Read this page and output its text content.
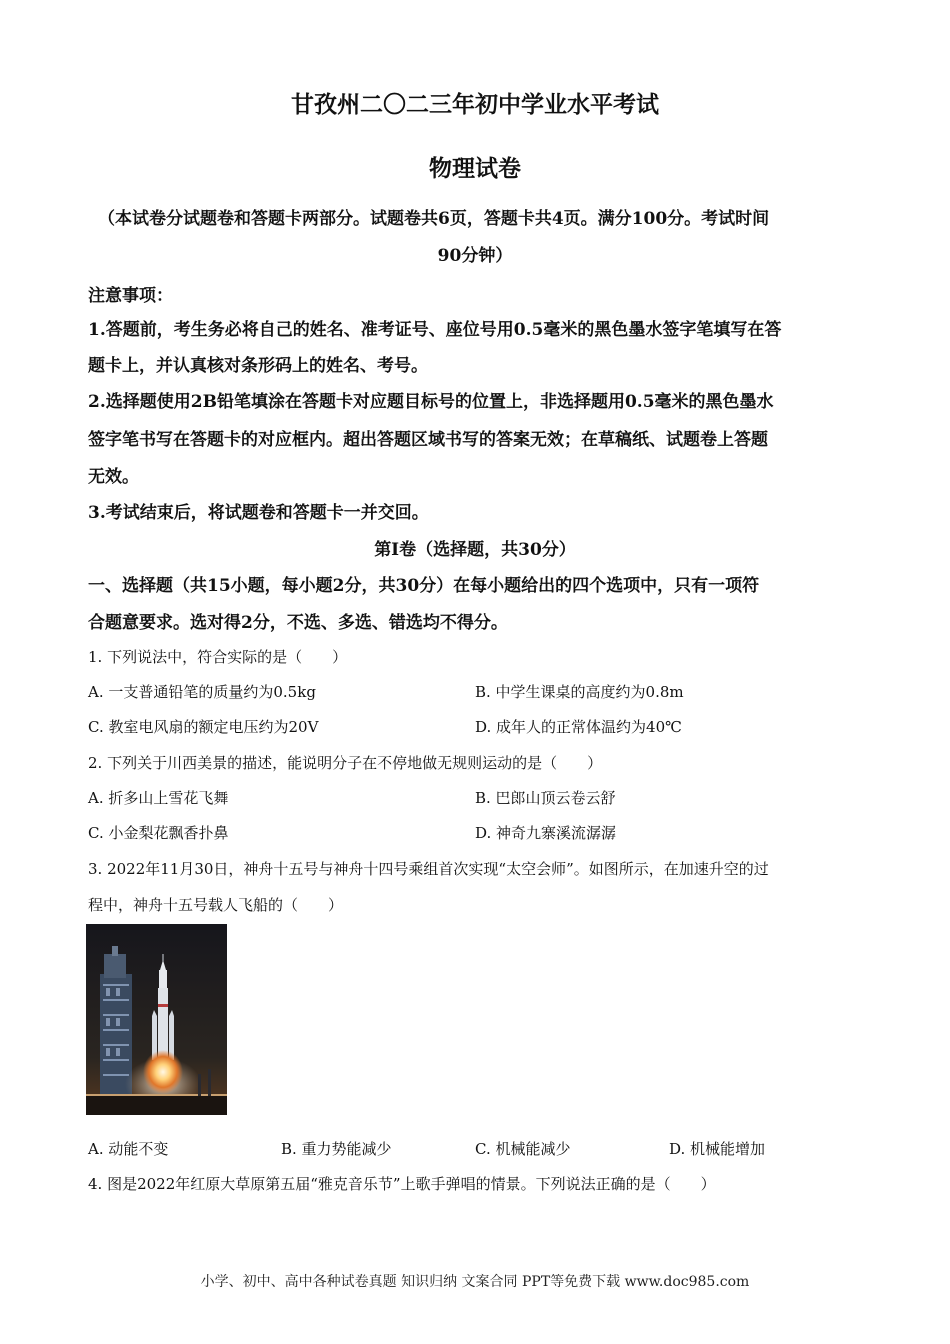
甘孜州二〇二三年初中学业水平考试
物理试卷
（本试卷分试题卷和答题卡两部分。试题卷共6页，答题卡共4页。满分100分。考试时间
90分钟）
注意事项：
1.答题前，考生务必将自己的姓名、准考证号、座位号用0.5毫米的黑色墨水签字笔填写在答
题卡上，并认真核对条形码上的姓名、考号。
2.选择题使用2B铅笔填涂在答题卡对应题目标号的位置上，非选择题用0.5毫米的黑色墨水
签字笔书写在答题卡的对应框内。超出答题区域书写的答案无效；在草稿纸、试题卷上答题
无效。
3.考试结束后，将试题卷和答题卡一并交回。
第Ⅰ卷（选择题，共30分）
一、选择题（共15小题，每小题2分，共30分）在每小题给出的四个选项中，只有一项符
合题意要求。选对得2分，不选、多选、错选均不得分。
1. 下列说法中，符合实际的是（　　）
A. 一支普通铅笔的质量约为0.5kg	B. 中学生课桌的高度约为0.8m
C. 教室电风扇的额定电压约为20V	D. 成年人的正常体温约为40℃
2. 下列关于川西美景的描述，能说明分子在不停地做无规则运动的是（　　）
A. 折多山上雪花飞舞	B. 巴郎山顶云卷云舒
C. 小金梨花飘香扑鼻	D. 神奇九寨溪流潺潺
3. 2022年11月30日，神舟十五号与神舟十四号乘组首次实现“太空会师”。如图所示，在加速升空的过
程中，神舟十五号载人飞船的（　　）
A. 动能不变	B. 重力势能减少	C. 机械能减少	D. 机械能增加
4. 图是2022年红原大草原第五届“雅克音乐节”上歌手弹唱的情景。下列说法正确的是（　　）
小学、初中、高中各种试卷真题 知识归纳 文案合同 PPT等免费下载 www.doc985.com
